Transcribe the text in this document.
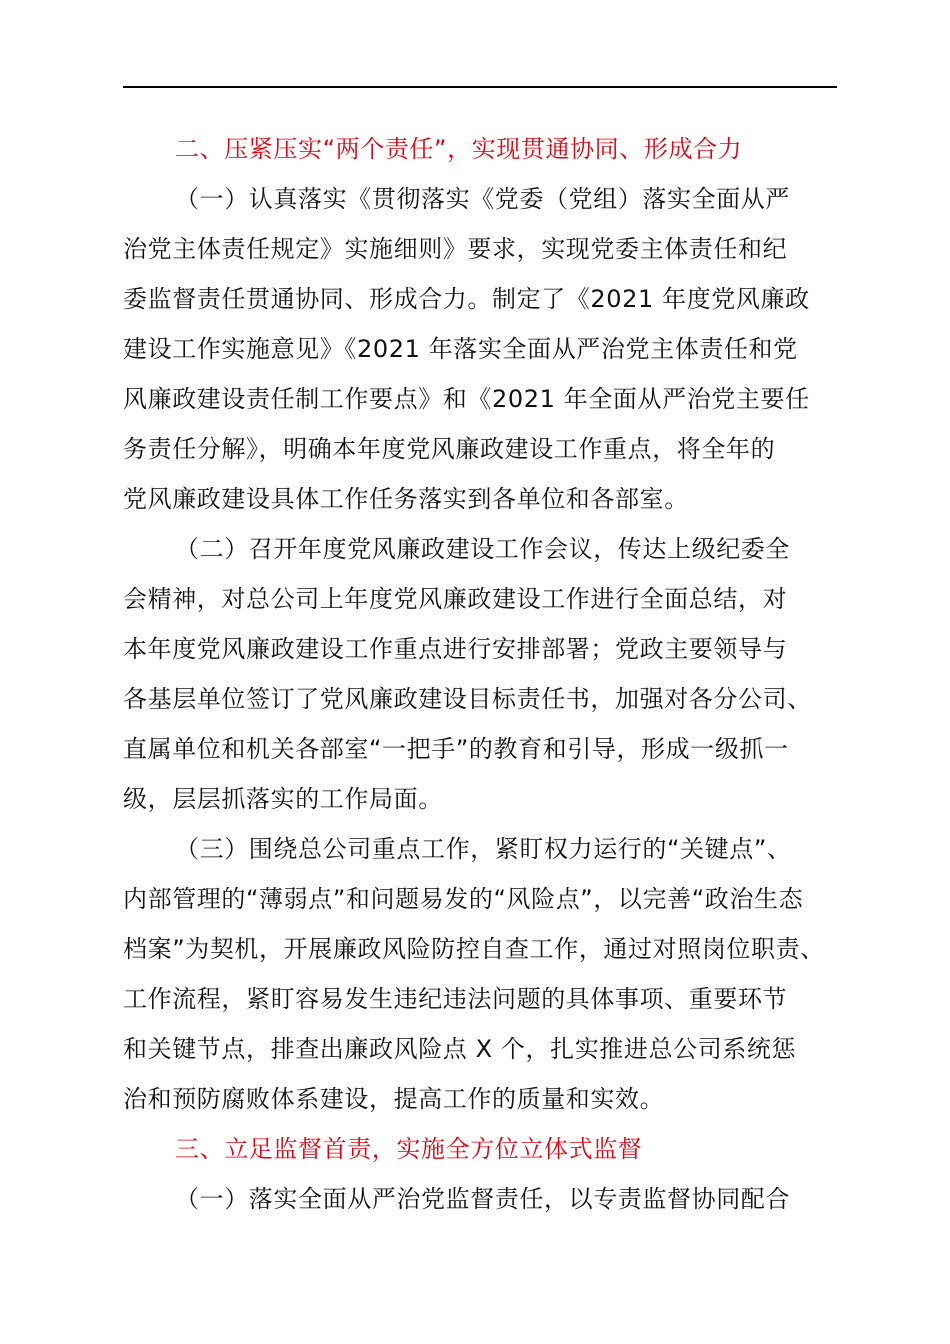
二、压紧压实“两个责任”，实现贯通协同、形成合力
（一）认真落实《贯彻落实《党委（党组）落实全面从严
治党主体责任规定》实施细则》要求，实现党委主体责任和纪
委监督责任贯通协同、形成合力。制定了《2021 年度党风廉政
建设工作实施意见》《2021 年落实全面从严治党主体责任和党
风廉政建设责任制工作要点》和《2021 年全面从严治党主要任
务责任分解》，明确本年度党风廉政建设工作重点，将全年的
党风廉政建设具体工作任务落实到各单位和各部室。
（二）召开年度党风廉政建设工作会议，传达上级纪委全
会精神，对总公司上年度党风廉政建设工作进行全面总结，对
本年度党风廉政建设工作重点进行安排部署；党政主要领导与
各基层单位签订了党风廉政建设目标责任书，加强对各分公司、
直属单位和机关各部室“一把手”的教育和引导，形成一级抓一
级，层层抓落实的工作局面。
（三）围绕总公司重点工作，紧盯权力运行的“关键点”、
内部管理的“薄弱点”和问题易发的“风险点”，以完善“政治生态
档案”为契机，开展廉政风险防控自查工作，通过对照岗位职责、
工作流程，紧盯容易发生违纪违法问题的具体事项、重要环节
和关键节点，排查出廉政风险点 X 个，扎实推进总公司系统惩
治和预防腐败体系建设，提高工作的质量和实效。
三、立足监督首责，实施全方位立体式监督
（一）落实全面从严治党监督责任，以专责监督协同配合
